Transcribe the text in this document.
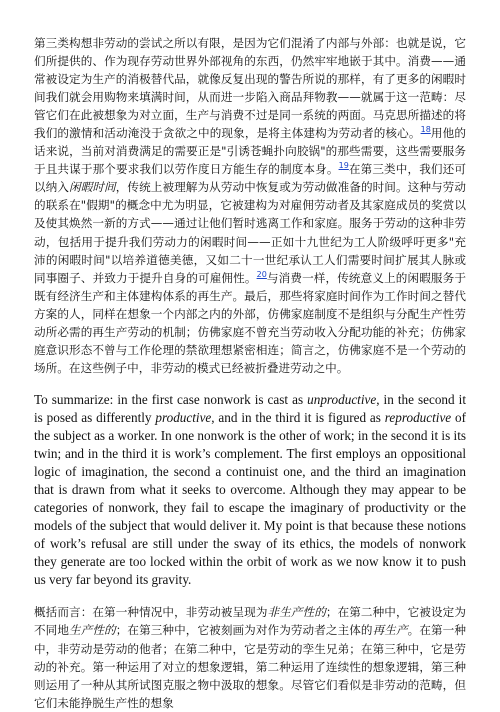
第三类构想非劳动的尝试之所以有限，是因为它们混淆了内部与外部：也就是说，它们所提供的、作为现存劳动世界外部视角的东西，仍然牢牢地嵌于其中。消费——通常被设定为生产的消极替代品，就像反复出现的警告所说的那样，有了更多的闲暇时间我们就会用购物来填满时间，从而进一步陷入商品拜物教——就属于这一范畴：尽管它们在此被想象为对立面，生产与消费不过是同一系统的两面。马克思所描述的将我们的激情和活动淹没于贪欲之中的现象，是将主体建构为劳动者的核心。$^{18}$用他的话来说，当前对消费满足的需要正是"引诱苍蝇扑向胶锅"的那些需要，这些需要服务于且共谋于那个要求我们以劳作度日方能生存的制度本身。$^{19}$在第三类中，我们还可以纳入闲暇时间，传统上被理解为从劳动中恢复或为劳动做准备的时间。这种与劳动的联系在"假期"的概念中尤为明显，它被建构为对雇佣劳动者及其家庭成员的奖赏以及使其焕然一新的方式——通过让他们暂时逃离工作和家庭。服务于劳动的这种非劳动，包括用于提升我们劳动力的闲暇时间——正如十九世纪为工人阶级呼吁更多"充沛的闲暇时间"以培养道德美德，又如二十一世纪承认工人们需要时间扩展其人脉或同事圈子、并致力于提升自身的可雇佣性。$^{20}$与消费一样，传统意义上的闲暇服务于既有经济生产和主体建构体系的再生产。最后，那些将家庭时间作为工作时间之替代方案的人，同样在想象一个内部之内的外部，仿佛家庭制度不是组织与分配生产性劳动所必需的再生产劳动的机制；仿佛家庭不曾充当劳动收入分配功能的补充；仿佛家庭意识形态不曾与工作伦理的禁欲理想紧密相连；简言之，仿佛家庭不是一个劳动的场所。在这些例子中，非劳动的模式已经被折叠进劳动之中。

To summarize: in the first case nonwork is cast as unproductive, in the second it is posed as differently productive, and in the third it is figured as reproductive of the subject as a worker. In one nonwork is the other of work; in the second it is its twin; and in the third it is work’s complement. The first employs an oppositional logic of imagination, the second a continuist one, and the third an imagination that is drawn from what it seeks to overcome. Although they may appear to be categories of nonwork, they fail to escape the imaginary of productivity or the models of the subject that would deliver it. My point is that because these notions of work’s refusal are still under the sway of its ethics, the models of nonwork they generate are too locked within the orbit of work as we now know it to push us very far beyond its gravity.

概括而言：在第一种情况中，非劳动被呈现为非生产性的；在第二种中，它被设定为不同地生产性的；在第三种中，它被刻画为对作为劳动者之主体的再生产。在第一种中，非劳动是劳动的他者；在第二种中，它是劳动的孪生兄弟；在第三种中，它是劳动的补充。第一种运用了对立的想象逻辑，第二种运用了连续性的想象逻辑，第三种则运用了一种从其所试图克服之物中汲取的想象。尽管它们看似是非劳动的范畴，但它们未能挣脱生产性的想象
